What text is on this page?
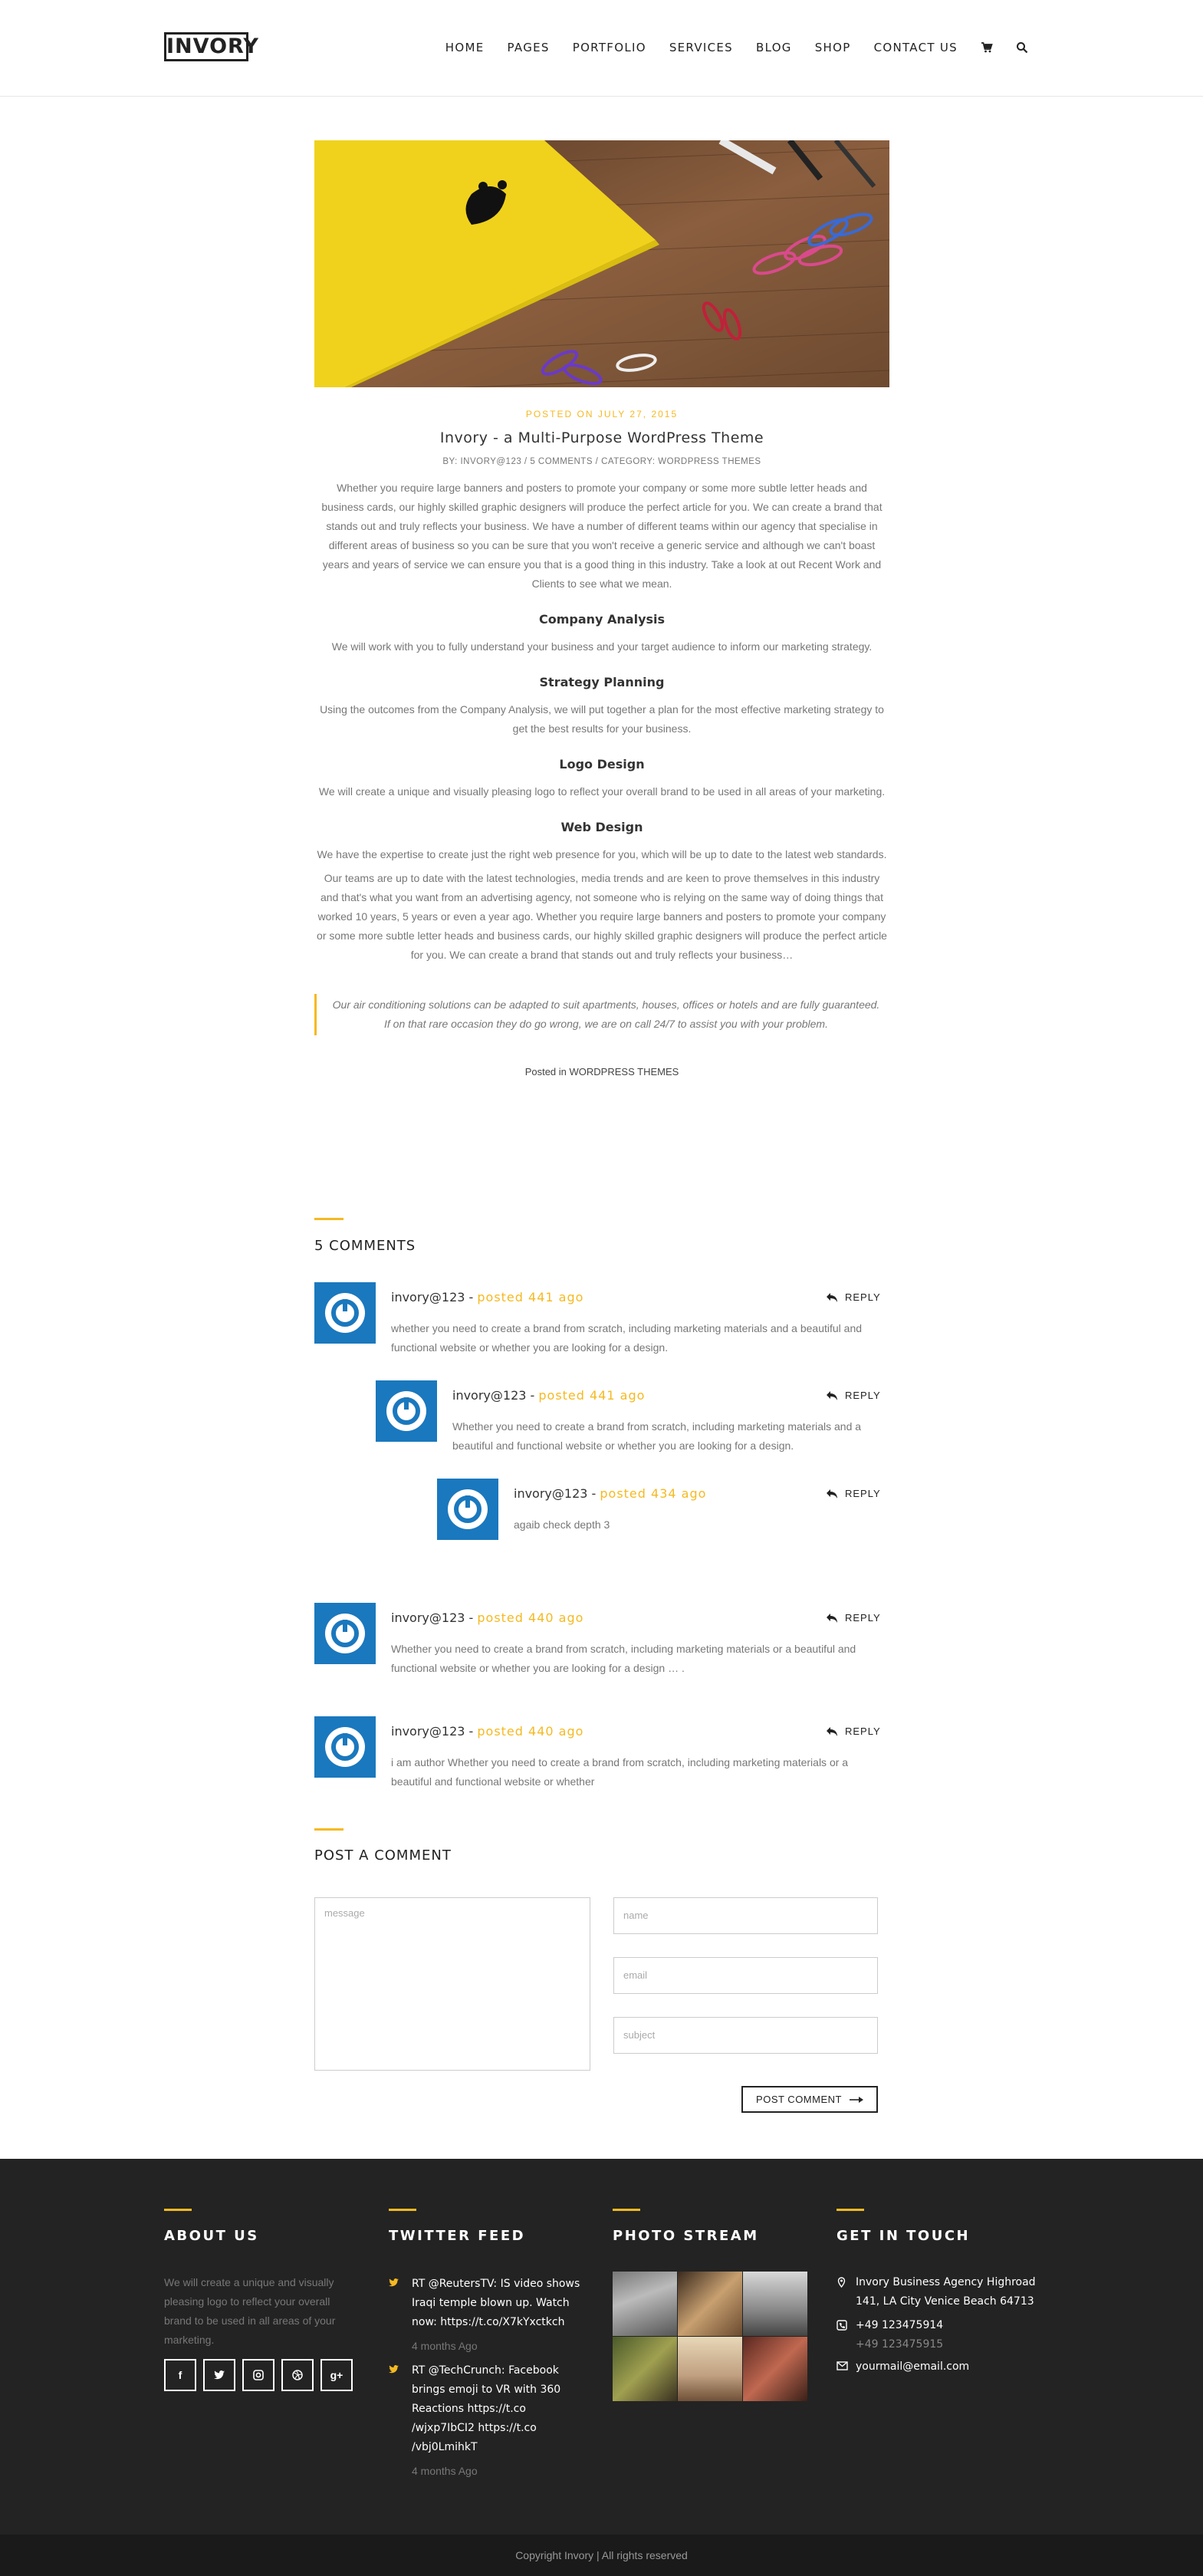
INVORY	HOME PAGES PORTFOLIO SERVICES BLOG SHOP CONTACT US
POSTED ON JULY 27, 2015
Invory - a Multi-Purpose WordPress Theme
BY: INVORY@123 / 5 COMMENTS / CATEGORY: WORDPRESS THEMES

Whether you require large banners and posters to promote your company or some more subtle letter heads and business cards, our highly skilled graphic designers will produce the perfect article for you. We can create a brand that stands out and truly reflects your business. We have a number of different teams within our agency that specialise in different areas of business so you can be sure that you won't receive a generic service and although we can't boast years and years of service we can ensure you that is a good thing in this industry. Take a look at out Recent Work and Clients to see what we mean.

Company Analysis

We will work with you to fully understand your business and your target audience to inform our marketing strategy.

Strategy Planning

Using the outcomes from the Company Analysis, we will put together a plan for the most effective marketing strategy to get the best results for your business.

Logo Design

We will create a unique and visually pleasing logo to reflect your overall brand to be used in all areas of your marketing.

Web Design

We have the expertise to create just the right web presence for you, which will be up to date to the latest web standards.

Our teams are up to date with the latest technologies, media trends and are keen to prove themselves in this industry and that's what you want from an advertising agency, not someone who is relying on the same way of doing things that worked 10 years, 5 years or even a year ago. Whether you require large banners and posters to promote your company or some more subtle letter heads and business cards, our highly skilled graphic designers will produce the perfect article for you. We can create a brand that stands out and truly reflects your business…

Our air conditioning solutions can be adapted to suit apartments, houses, offices or hotels and are fully guaranteed. If on that rare occasion they do go wrong, we are on call 24/7 to assist you with your problem.
Posted in WORDPRESS THEMES
5 COMMENTS
invory@123 - posted 441 ago	REPLY
whether you need to create a brand from scratch, including marketing materials and a beautiful and functional website or whether you are looking for a design.
invory@123 - posted 441 ago	REPLY
Whether you need to create a brand from scratch, including marketing materials and a beautiful and functional website or whether you are looking for a design.
invory@123 - posted 434 ago	REPLY
agaib check depth 3
invory@123 - posted 440 ago	REPLY
Whether you need to create a brand from scratch, including marketing materials or a beautiful and functional website or whether you are looking for a design … .
invory@123 - posted 440 ago	REPLY
i am author Whether you need to create a brand from scratch, including marketing materials or a beautiful and functional website or whether
POST A COMMENT
message	name
email
subject
POST COMMENT
ABOUT US

We will create a unique and visually pleasing logo to reflect your overall brand to be used in all areas of your marketing.

f	g+
TWITTER FEED
RT @ReutersTV: IS video shows Iraqi temple blown up. Watch now: https://t.co/X7kYxctkch
4 months Ago
RT @TechCrunch: Facebook brings emoji to VR with 360 Reactions https://t.co /wjxp7IbCI2 https://t.co /vbj0LmihkT
4 months Ago
PHOTO STREAM	GET IN TOUCH
Invory Business Agency Highroad 141, LA City Venice Beach 64713
+49 123475914
+49 123475915
yourmail@email.com
Copyright Invory | All rights reserved
